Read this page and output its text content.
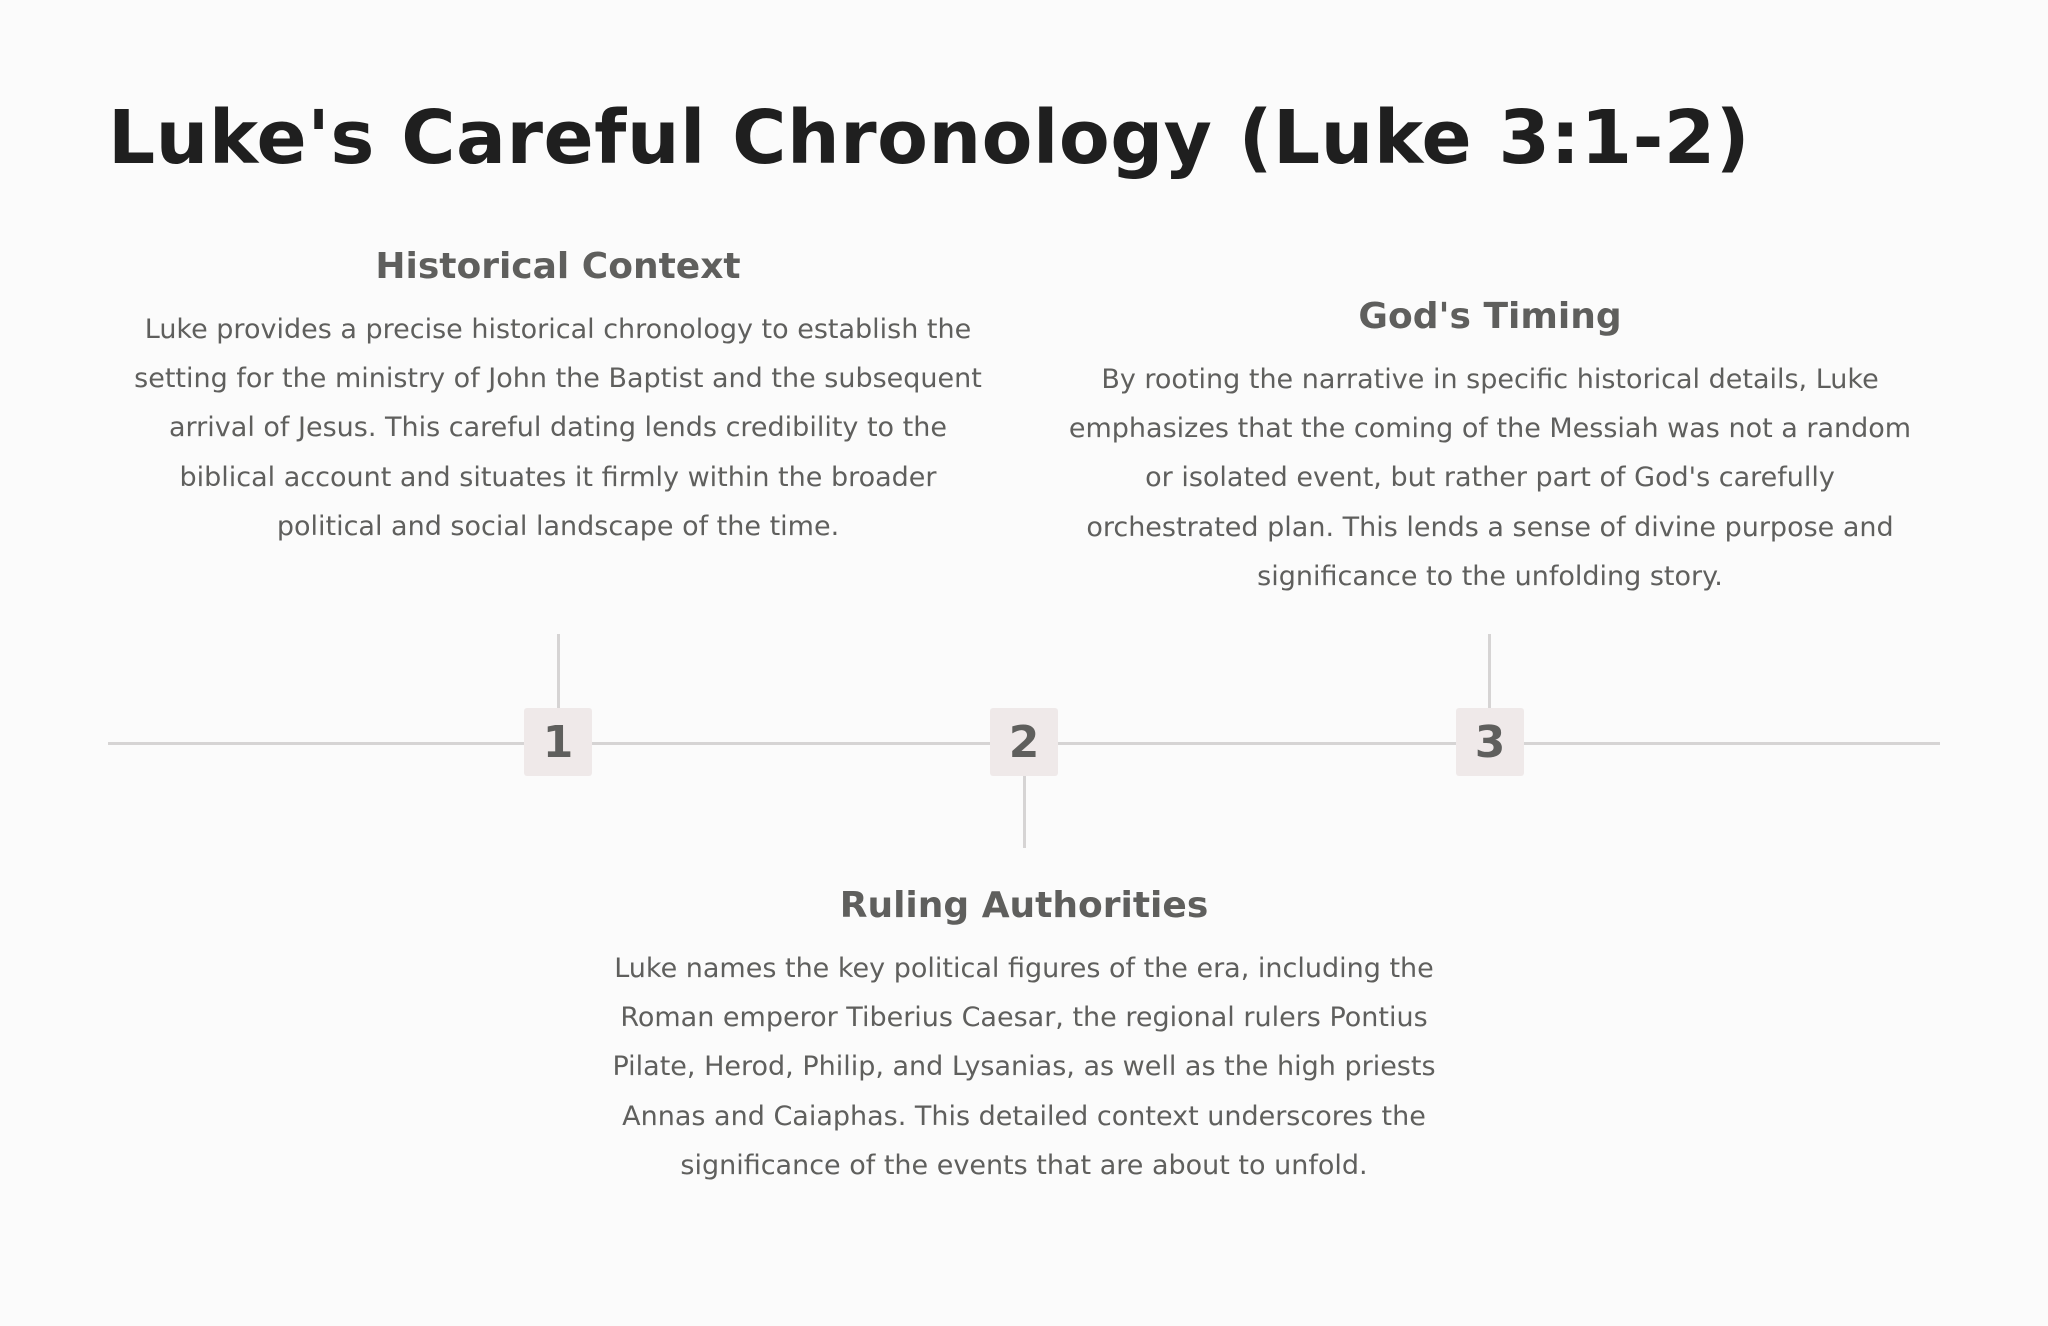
Luke's Careful Chronology (Luke 3:1-2)
Historical Context

Luke provides a precise historical chronology to establish the setting for the ministry of John the Baptist and the subsequent arrival of Jesus. This careful dating lends credibility to the biblical account and situates it firmly within the broader political and social landscape of the time.

1	2
Ruling Authorities

Luke names the key political figures of the era, including the Roman emperor Tiberius Caesar, the regional rulers Pontius Pilate, Herod, Philip, and Lysanias, as well as the high priests Annas and Caiaphas. This detailed context underscores the significance of the events that are about to unfold.

God's Timing

By rooting the narrative in specific historical details, Luke emphasizes that the coming of the Messiah was not a random or isolated event, but rather part of God's carefully orchestrated plan. This lends a sense of divine purpose and significance to the unfolding story.

3
